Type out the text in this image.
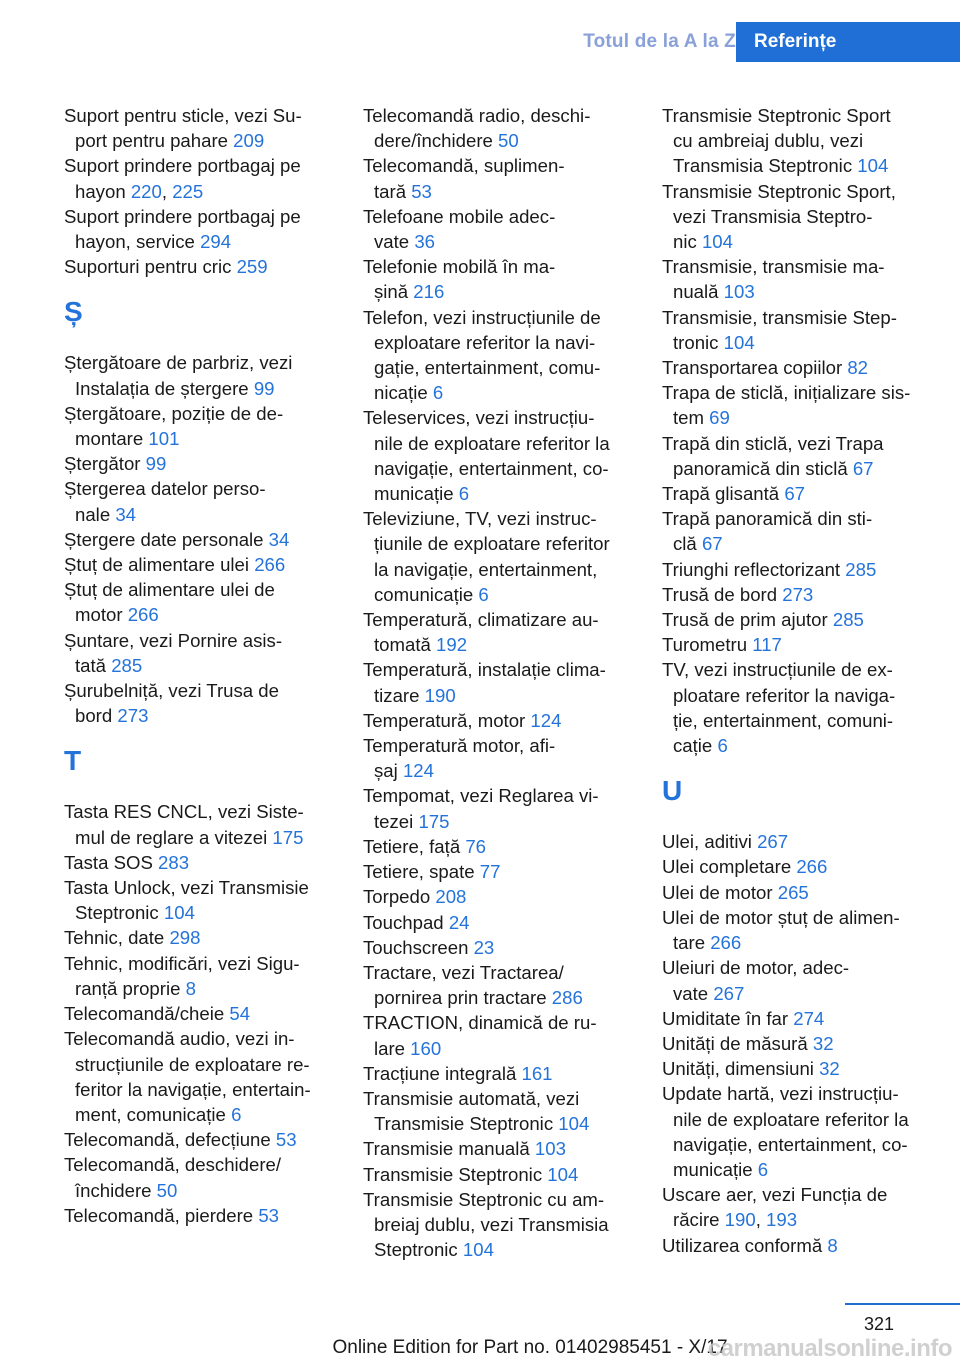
Totul de la A la Z Referințe
Suport pentru sticle, vezi Su-
port pentru pahare 209
Suport prindere portbagaj pe
hayon 220, 225
Suport prindere portbagaj pe
hayon, service 294
Suporturi pentru cric 259
Ș
Ștergătoare de parbriz, vezi
Instalația de ștergere 99
Ștergătoare, poziție de de-
montare 101
Ștergător 99
Ștergerea datelor perso-
nale 34
Ștergere date personale 34
Ștuț de alimentare ulei 266
Ștuț de alimentare ulei de
motor 266
Șuntare, vezi Pornire asis-
tată 285
Șurubelniță, vezi Trusa de
bord 273
T
Tasta RES CNCL, vezi Siste-
mul de reglare a vitezei 175
Tasta SOS 283
Tasta Unlock, vezi Transmisie
Steptronic 104
Tehnic, date 298
Tehnic, modificări, vezi Sigu-
ranță proprie 8
Telecomandă/cheie 54
Telecomandă audio, vezi in-
strucțiunile de exploatare re-
feritor la navigație, entertain-
ment, comunicație 6
Telecomandă, defecțiune 53
Telecomandă, deschidere/
închidere 50
Telecomandă, pierdere 53
Telecomandă radio, deschi-
dere/închidere 50
Telecomandă, suplimen-
tară 53
Telefoane mobile adec-
vate 36
Telefonie mobilă în ma-
șină 216
Telefon, vezi instrucțiunile de
exploatare referitor la navi-
gație, entertainment, comu-
nicație 6
Teleservices, vezi instrucțiu-
nile de exploatare referitor la
navigație, entertainment, co-
municație 6
Televiziune, TV, vezi instruc-
țiunile de exploatare referitor
la navigație, entertainment,
comunicație 6
Temperatură, climatizare au-
tomată 192
Temperatură, instalație clima-
tizare 190
Temperatură, motor 124
Temperatură motor, afi-
șaj 124
Tempomat, vezi Reglarea vi-
tezei 175
Tetiere, față 76
Tetiere, spate 77
Torpedo 208
Touchpad 24
Touchscreen 23
Tractare, vezi Tractarea/
pornirea prin tractare 286
TRACTION, dinamică de ru-
lare 160
Tracțiune integrală 161
Transmisie automată, vezi
Transmisie Steptronic 104
Transmisie manuală 103
Transmisie Steptronic 104
Transmisie Steptronic cu am-
breiaj dublu, vezi Transmisia
Steptronic 104
Transmisie Steptronic Sport
cu ambreiaj dublu, vezi
Transmisia Steptronic 104
Transmisie Steptronic Sport,
vezi Transmisia Steptro-
nic 104
Transmisie, transmisie ma-
nuală 103
Transmisie, transmisie Step-
tronic 104
Transportarea copiilor 82
Trapa de sticlă, inițializare sis-
tem 69
Trapă din sticlă, vezi Trapa
panoramică din sticlă 67
Trapă glisantă 67
Trapă panoramică din sti-
clă 67
Triunghi reflectorizant 285
Trusă de bord 273
Trusă de prim ajutor 285
Turometru 117
TV, vezi instrucțiunile de ex-
ploatare referitor la naviga-
ție, entertainment, comuni-
cație 6
U
Ulei, aditivi 267
Ulei completare 266
Ulei de motor 265
Ulei de motor ștuț de alimen-
tare 266
Uleiuri de motor, adec-
vate 267
Umiditate în far 274
Unități de măsură 32
Unități, dimensiuni 32
Update hartă, vezi instrucțiu-
nile de exploatare referitor la
navigație, entertainment, co-
municație 6
Uscare aer, vezi Funcția de
răcire 190, 193
Utilizarea conformă 8
321
Online Edition for Part no. 01402985451 - X/17
carmanualsonline.info
